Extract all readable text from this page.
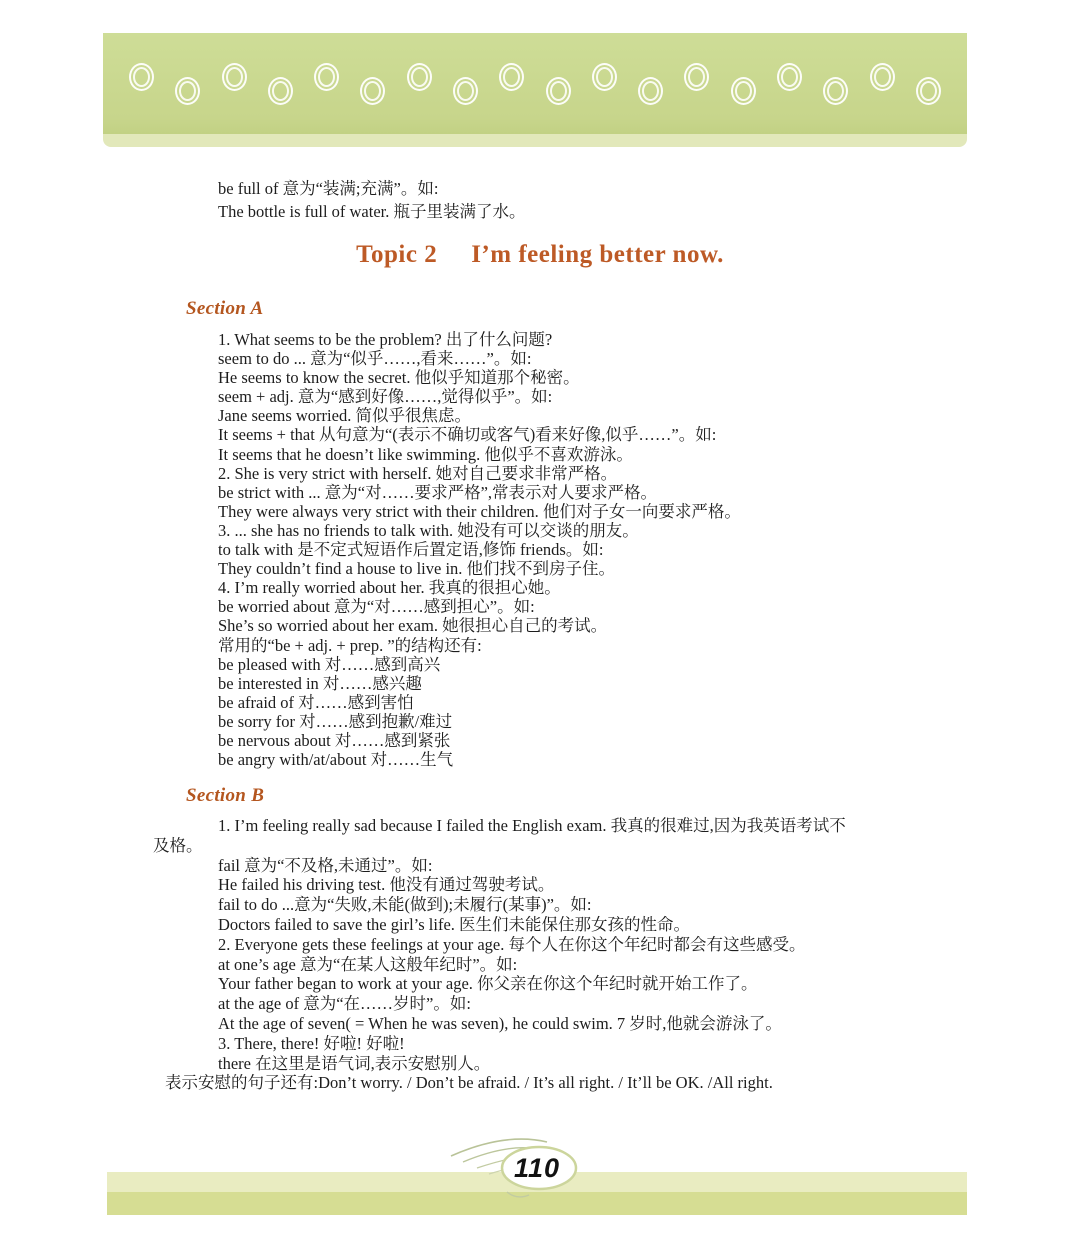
be full of 意为“装满;充满”。如:
The bottle is full of water. 瓶子里装满了水。
Topic 2 I’m feeling better now.
Section A
1. What seems to be the problem? 出了什么问题?
seem to do ... 意为“似乎……,看来……”。如:
He seems to know the secret. 他似乎知道那个秘密。
seem + adj. 意为“感到好像……,觉得似乎”。如:
Jane seems worried. 简似乎很焦虑。
It seems + that 从句意为“(表示不确切或客气)看来好像,似乎……”。如:
It seems that he doesn’t like swimming. 他似乎不喜欢游泳。
2. She is very strict with herself. 她对自己要求非常严格。
be strict with ... 意为“对……要求严格”,常表示对人要求严格。
They were always very strict with their children. 他们对子女一向要求严格。
3. ... she has no friends to talk with. 她没有可以交谈的朋友。
to talk with 是不定式短语作后置定语,修饰 friends。如:
They couldn’t find a house to live in. 他们找不到房子住。
4. I’m really worried about her. 我真的很担心她。
be worried about 意为“对……感到担心”。如:
She’s so worried about her exam. 她很担心自己的考试。
常用的“be + adj. + prep. ”的结构还有:
be pleased with 对……感到高兴
be interested in 对……感兴趣
be afraid of 对……感到害怕
be sorry for 对……感到抱歉/难过
be nervous about 对……感到紧张
be angry with/at/about 对……生气
Section B
1. I’m feeling really sad because I failed the English exam. 我真的很难过,因为我英语考试不
及格。
fail 意为“不及格,未通过”。如:
He failed his driving test. 他没有通过驾驶考试。
fail to do ...意为“失败,未能(做到);未履行(某事)”。如:
Doctors failed to save the girl’s life. 医生们未能保住那女孩的性命。
2. Everyone gets these feelings at your age. 每个人在你这个年纪时都会有这些感受。
at one’s age 意为“在某人这般年纪时”。如:
Your father began to work at your age. 你父亲在你这个年纪时就开始工作了。
at the age of 意为“在……岁时”。如:
At the age of seven( = When he was seven), he could swim. 7 岁时,他就会游泳了。
3. There, there! 好啦! 好啦!
there 在这里是语气词,表示安慰别人。
表示安慰的句子还有:Don’t worry. / Don’t be afraid. / It’s all right. / It’ll be OK. /All right.
110
